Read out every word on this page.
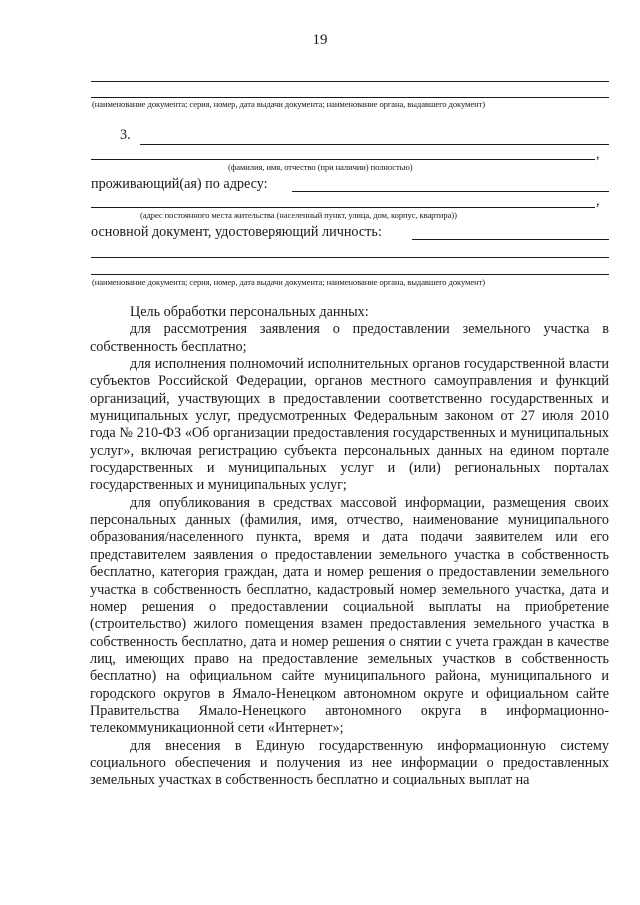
19
(наименование документа; серия, номер, дата выдачи документа; наименование органа, выдавшего документ)
3.
,
(фамилия, имя, отчество (при наличии) полностью)
проживающий(ая) по адресу:
,
(адрес постоянного места жительства (населенный пункт, улица, дом, корпус, квартира))
основной документ, удостоверяющий личность:
(наименование документа; серия, номер, дата выдачи документа; наименование органа, выдавшего документ)

Цель обработки персональных данных:

для рассмотрения заявления о предоставлении земельного участка в собственность бесплатно;

для исполнения полномочий исполнительных органов государственной власти субъектов Российской Федерации, органов местного самоуправления и функций организаций, участвующих в предоставлении соответственно государственных и муниципальных услуг, предусмотренных Федеральным законом от 27 июля 2010 года № 210-ФЗ «Об организации предоставления государственных и муниципальных услуг», включая регистрацию субъекта персональных данных на едином портале государственных и муниципальных услуг и (или) региональных порталах государственных и муниципальных услуг;

для опубликования в средствах массовой информации, размещения своих персональных данных (фамилия, имя, отчество, наименование муниципального образования/населенного пункта, время и дата подачи заявителем или его представителем заявления о предоставлении земельного участка в собственность бесплатно, категория граждан, дата и номер решения о предоставлении земельного участка в собственность бесплатно, кадастровый номер земельного участка, дата и номер решения о предоставлении социальной выплаты на приобретение (строительство) жилого помещения взамен предоставления земельного участка в собственность бесплатно, дата и номер решения о снятии с учета граждан в качестве лиц, имеющих право на предоставление земельных участков в собственность бесплатно) на официальном сайте муниципального района, муниципального и городского округов в Ямало-Ненецком автономном округе и официальном сайте Правительства Ямало-Ненецкого автономного округа в информационно-телекоммуникационной сети «Интернет»;

для внесения в Единую государственную информационную систему социального обеспечения и получения из нее информации о предоставленных земельных участках в собственность бесплатно и социальных выплат на
